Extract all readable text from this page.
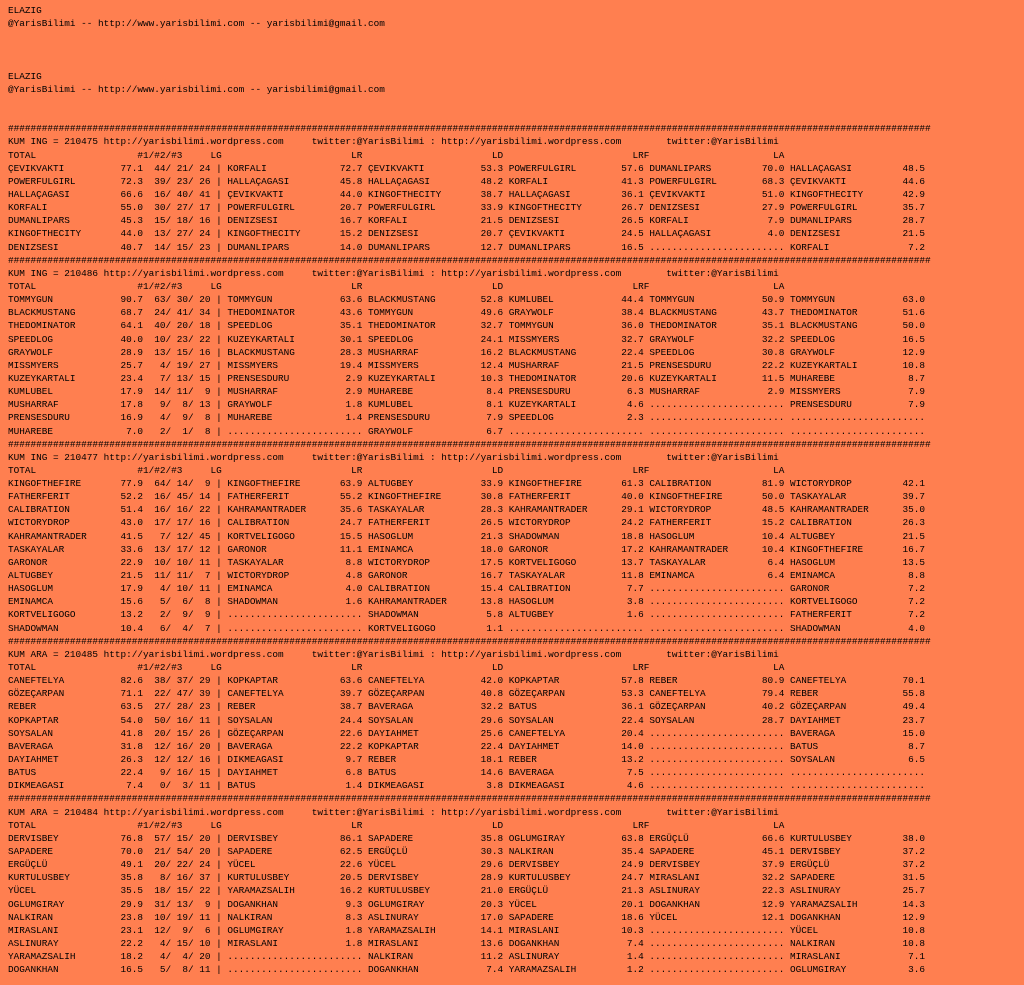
ELAZIG
@YarisBilimi -- http://www.yarisbilimi.com -- yarisbilimi@gmail.com
ELAZIG
@YarisBilimi -- http://www.yarisbilimi.com -- yarisbilimi@gmail.com
####################################################################################################################################################################
KUM ING = 210475 http://yarisbilimi.wordpress.com     twitter:@YarisBilimi : http://yarisbilimi.wordpress.com        twitter:@YarisBilimi
TOTAL                  #1/#2/#3     LG                       LR                       LD                       LRF                      LA
ÇEVIKVAKTI          77.1  44/ 21/ 24 | KORFALI             72.7 ÇEVIKVAKTI          53.3 POWERFULGIRL        57.6 DUMANLIPARS         70.0 HALLAÇAGASI         48.5
POWERFULGIRL        72.3  39/ 23/ 26 | HALLAÇAGASI         45.8 HALLAÇAGASI         48.2 KORFALI             41.3 POWERFULGIRL        68.3 ÇEVIKVAKTI          44.6
HALLAÇAGASI         66.6  16/ 40/ 41 | ÇEVIKVAKTI          44.0 KINGOFTHECITY       38.7 HALLAÇAGASI         36.1 ÇEVIKVAKTI          51.0 KINGOFTHECITY       42.9
KORFALI             55.0  30/ 27/ 17 | POWERFULGIRL        20.7 POWERFULGIRL        33.9 KINGOFTHECITY       26.7 DENIZSESI           27.9 POWERFULGIRL        35.7
DUMANLIPARS         45.3  15/ 18/ 16 | DENIZSESI           16.7 KORFALI             21.5 DENIZSESI           26.5 KORFALI              7.9 DUMANLIPARS         28.7
KINGOFTHECITY       44.0  13/ 27/ 24 | KINGOFTHECITY       15.2 DENIZSESI           20.7 ÇEVIKVAKTI          24.5 HALLAÇAGASI          4.0 DENIZSESI           21.5
DENIZSESI           40.7  14/ 15/ 23 | DUMANLIPARS         14.0 DUMANLIPARS         12.7 DUMANLIPARS         16.5 ........................ KORFALI              7.2
####################################################################################################################################################################
KUM ING = 210486 http://yarisbilimi.wordpress.com     twitter:@YarisBilimi : http://yarisbilimi.wordpress.com        twitter:@YarisBilimi
TOTAL                  #1/#2/#3     LG                       LR                       LD                       LRF                      LA
TOMMYGUN            90.7  63/ 30/ 20 | TOMMYGUN            63.6 BLACKMUSTANG        52.8 KUMLUBEL            44.4 TOMMYGUN            50.9 TOMMYGUN            63.0
BLACKMUSTANG        68.7  24/ 41/ 34 | THEDOMINATOR        43.6 TOMMYGUN            49.6 GRAYWOLF            38.4 BLACKMUSTANG        43.7 THEDOMINATOR        51.6
THEDOMINATOR        64.1  40/ 20/ 18 | SPEEDLOG            35.1 THEDOMINATOR        32.7 TOMMYGUN            36.0 THEDOMINATOR        35.1 BLACKMUSTANG        50.0
SPEEDLOG            40.0  10/ 23/ 22 | KUZEYKARTALI        30.1 SPEEDLOG            24.1 MISSMYERS           32.7 GRAYWOLF            32.2 SPEEDLOG            16.5
GRAYWOLF            28.9  13/ 15/ 16 | BLACKMUSTANG        28.3 MUSHARRAF           16.2 BLACKMUSTANG        22.4 SPEEDLOG            30.8 GRAYWOLF            12.9
MISSMYERS           25.7   4/ 19/ 27 | MISSMYERS           19.4 MISSMYERS           12.4 MUSHARRAF           21.5 PRENSESDURU         22.2 KUZEYKARTALI        10.8
KUZEYKARTALI        23.4   7/ 13/ 15 | PRENSESDURU          2.9 KUZEYKARTALI        10.3 THEDOMINATOR        20.6 KUZEYKARTALI        11.5 MUHAREBE             8.7
KUMLUBEL            17.9  14/ 11/  9 | MUSHARRAF            2.9 MUHAREBE             8.4 PRENSESDURU          6.3 MUSHARRAF            2.9 MISSMYERS            7.9
MUSHARRAF           17.8   9/  8/ 13 | GRAYWOLF             1.8 KUMLUBEL             8.1 KUZEYKARTALI         4.6 ........................ PRENSESDURU          7.9
PRENSESDURU         16.9   4/  9/  8 | MUHAREBE             1.4 PRENSESDURU          7.9 SPEEDLOG             2.3 ........................ ........................
MUHAREBE             7.0   2/  1/  8 | ........................ GRAYWOLF             6.7 ........................ ........................ ........................
####################################################################################################################################################################
KUM ING = 210477 http://yarisbilimi.wordpress.com     twitter:@YarisBilimi : http://yarisbilimi.wordpress.com        twitter:@YarisBilimi
TOTAL                  #1/#2/#3     LG                       LR                       LD                       LRF                      LA
KINGOFTHEFIRE       77.9  64/ 14/  9 | KINGOFTHEFIRE       63.9 ALTUGBEY            33.9 KINGOFTHEFIRE       61.3 CALIBRATION         81.9 WICTORYDROP         42.1
FATHERFERIT         52.2  16/ 45/ 14 | FATHERFERIT         55.2 KINGOFTHEFIRE       30.8 FATHERFERIT         40.0 KINGOFTHEFIRE       50.0 TASKAYALAR          39.7
CALIBRATION         51.4  16/ 16/ 22 | KAHRAMANTRADER      35.6 TASKAYALAR          28.3 KAHRAMANTRADER      29.1 WICTORYDROP         48.5 KAHRAMANTRADER      35.0
WICTORYDROP         43.0  17/ 17/ 16 | CALIBRATION         24.7 FATHERFERIT         26.5 WICTORYDROP         24.2 FATHERFERIT         15.2 CALIBRATION         26.3
KAHRAMANTRADER      41.5   7/ 12/ 45 | KORTVELIGOGO        15.5 HASOGLUM            21.3 SHADOWMAN           18.8 HASOGLUM            10.4 ALTUGBEY            21.5
TASKAYALAR          33.6  13/ 17/ 12 | GARONOR             11.1 EMINAMCA            18.0 GARONOR             17.2 KAHRAMANTRADER      10.4 KINGOFTHEFIRE       16.7
GARONOR             22.9  10/ 10/ 11 | TASKAYALAR           8.8 WICTORYDROP         17.5 KORTVELIGOGO        13.7 TASKAYALAR           6.4 HASOGLUM            13.5
ALTUGBEY            21.5  11/ 11/  7 | WICTORYDROP          4.8 GARONOR             16.7 TASKAYALAR          11.8 EMINAMCA             6.4 EMINAMCA             8.8
HASOGLUM            17.9   4/ 10/ 11 | EMINAMCA             4.0 CALIBRATION         15.4 CALIBRATION          7.7 ........................ GARONOR              7.2
EMINAMCA            15.6   5/  6/  8 | SHADOWMAN            1.6 KAHRAMANTRADER      13.8 HASOGLUM             3.8 ........................ KORTVELIGOGO         7.2
KORTVELIGOGO        13.2   2/  9/  9 | ........................ SHADOWMAN            5.8 ALTUGBEY             1.6 ........................ FATHERFERIT          7.2
SHADOWMAN           10.4   6/  4/  7 | ........................ KORTVELIGOGO         1.1 ........................ ........................ SHADOWMAN            4.0
####################################################################################################################################################################
KUM ARA = 210485 http://yarisbilimi.wordpress.com     twitter:@YarisBilimi : http://yarisbilimi.wordpress.com        twitter:@YarisBilimi
TOTAL                  #1/#2/#3     LG                       LR                       LD                       LRF                      LA
CANEFTELYA          82.6  38/ 37/ 29 | KOPKAPTAR           63.6 CANEFTELYA          42.0 KOPKAPTAR           57.8 REBER               80.9 CANEFTELYA          70.1
GÖZEÇARPAN          71.1  22/ 47/ 39 | CANEFTELYA          39.7 GÖZEÇARPAN          40.8 GÖZEÇARPAN          53.3 CANEFTELYA          79.4 REBER               55.8
REBER               63.5  27/ 28/ 23 | REBER               38.7 BAVERAGA            32.2 BATUS               36.1 GÖZEÇARPAN          40.2 GÖZEÇARPAN          49.4
KOPKAPTAR           54.0  50/ 16/ 11 | SOYSALAN            24.4 SOYSALAN            29.6 SOYSALAN            22.4 SOYSALAN            28.7 DAYIAHMET           23.7
SOYSALAN            41.8  20/ 15/ 26 | GÖZEÇARPAN          22.6 DAYIAHMET           25.6 CANEFTELYA          20.4 ........................ BAVERAGA            15.0
BAVERAGA            31.8  12/ 16/ 20 | BAVERAGA            22.2 KOPKAPTAR           22.4 DAYIAHMET           14.0 ........................ BATUS                8.7
DAYIAHMET           26.3  12/ 12/ 16 | DIKMEAGASI           9.7 REBER               18.1 REBER               13.2 ........................ SOYSALAN             6.5
BATUS               22.4   9/ 16/ 15 | DAYIAHMET            6.8 BATUS               14.6 BAVERAGA             7.5 ........................ ........................
DIKMEAGASI           7.4   0/  3/ 11 | BATUS                1.4 DIKMEAGASI           3.8 DIKMEAGASI           4.6 ........................ ........................
####################################################################################################################################################################
KUM ARA = 210484 http://yarisbilimi.wordpress.com     twitter:@YarisBilimi : http://yarisbilimi.wordpress.com        twitter:@YarisBilimi
TOTAL                  #1/#2/#3     LG                       LR                       LD                       LRF                      LA
DERVISBEY           76.8  57/ 15/ 20 | DERVISBEY           86.1 SAPADERE            35.8 OGLUMGIRAY          63.8 ERGÜÇLÜ             66.6 KURTULUSBEY         38.0
SAPADERE            70.0  21/ 54/ 20 | SAPADERE            62.5 ERGÜÇLÜ             30.3 NALKIRAN            35.4 SAPADERE            45.1 DERVISBEY           37.2
ERGÜÇLÜ             49.1  20/ 22/ 24 | YÜCEL               22.6 YÜCEL               29.6 DERVISBEY           24.9 DERVISBEY           37.9 ERGÜÇLÜ             37.2
KURTULUSBEY         35.8   8/ 16/ 37 | KURTULUSBEY         20.5 DERVISBEY           28.9 KURTULUSBEY         24.7 MIRASLANI           32.2 SAPADERE            31.5
YÜCEL               35.5  18/ 15/ 22 | YARAMAZSALIH        16.2 KURTULUSBEY         21.0 ERGÜÇLÜ             21.3 ASLINURAY           22.3 ASLINURAY           25.7
OGLUMGIRAY          29.9  31/ 13/  9 | DOGANKHAN            9.3 OGLUMGIRAY          20.3 YÜCEL               20.1 DOGANKHAN           12.9 YARAMAZSALIH        14.3
NALKIRAN            23.8  10/ 19/ 11 | NALKIRAN             8.3 ASLINURAY           17.0 SAPADERE            18.6 YÜCEL               12.1 DOGANKHAN           12.9
MIRASLANI           23.1  12/  9/  6 | OGLUMGIRAY           1.8 YARAMAZSALIH        14.1 MIRASLANI           10.3 ........................ YÜCEL               10.8
ASLINURAY           22.2   4/ 15/ 10 | MIRASLANI            1.8 MIRASLANI           13.6 DOGANKHAN            7.4 ........................ NALKIRAN            10.8
YARAMAZSALIH        18.2   4/  4/ 20 | ........................ NALKIRAN            11.2 ASLINURAY            1.4 ........................ MIRASLANI            7.1
DOGANKHAN           16.5   5/  8/ 11 | ........................ DOGANKHAN            7.4 YARAMAZSALIH         1.2 ........................ OGLUMGIRAY           3.6
